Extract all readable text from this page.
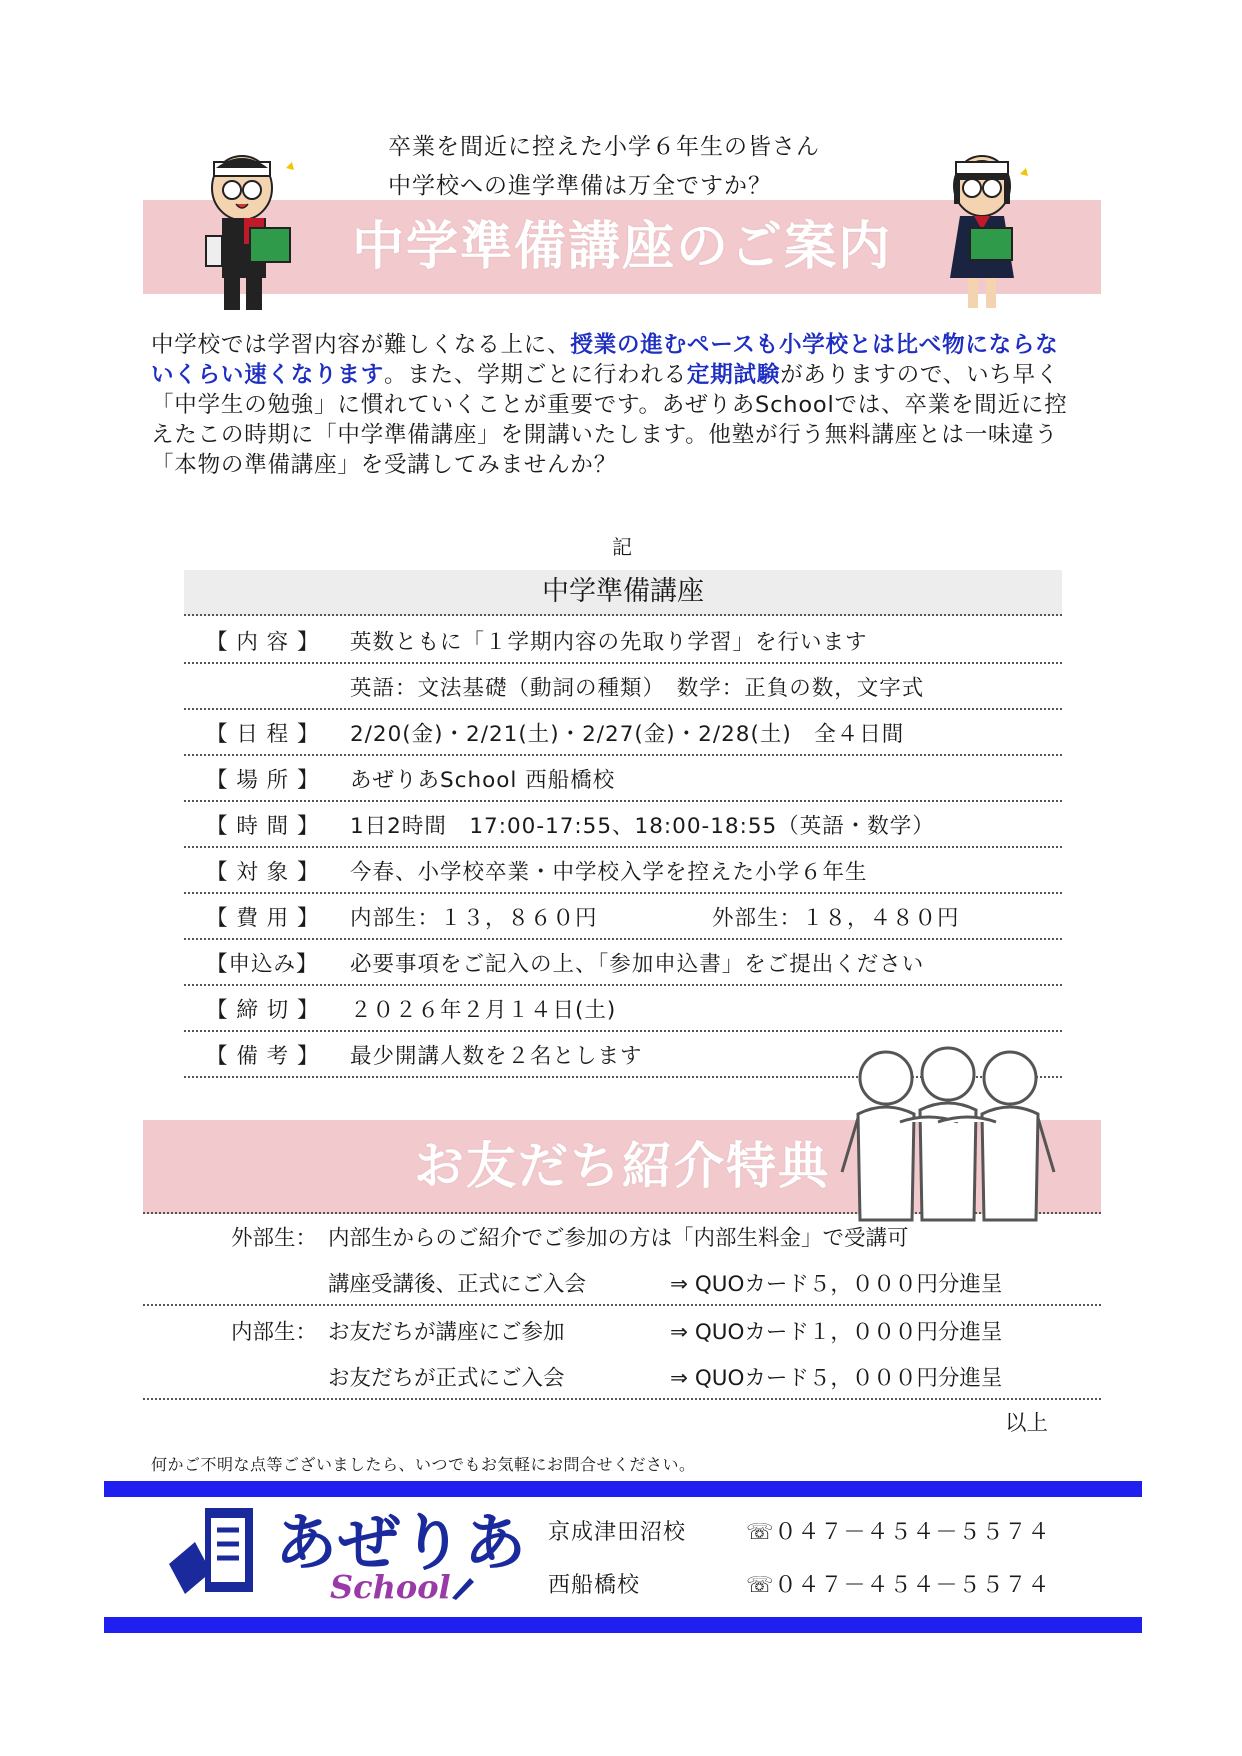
卒業を間近に控えた小学６年生の皆さん
中学校への進学準備は万全ですか？
中学準備講座のご案内
中学校では学習内容が難しくなる上に、授業の進むペースも小学校とは比べ物にならないくらい速くなります。また、学期ごとに行われる定期試験がありますので、いち早く「中学生の勉強」に慣れていくことが重要です。あぜりあSchoolでは、卒業を間近に控えたこの時期に「中学準備講座」を開講いたします。他塾が行う無料講座とは一味違う「本物の準備講座」を受講してみませんか？
記
中学準備講座
【 内 容 】 英数ともに「１学期内容の先取り学習」を行います
英語：文法基礎（動詞の種類）　数学：正負の数，文字式
【 日 程 】 2/20(金)・2/21(土)・2/27(金)・2/28(土)　全４日間
【 場 所 】 あぜりあSchool 西船橋校
【 時 間 】 1日2時間　17:00-17:55、18:00-18:55（英語・数学）
【 対 象 】 今春、小学校卒業・中学校入学を控えた小学６年生
【 費 用 】 内部生：１３，８６０円	外部生：１８，４８０円
【申込み】 必要事項をご記入の上、「参加申込書」をご提出ください
【 締 切 】 ２０２６年２月１４日(土)
【 備 考 】 最少開講人数を２名とします
お友だち紹介特典
外部生： 内部生からのご紹介でご参加の方は「内部生料金」で受講可
講座受講後、正式にご入会	⇒ QUOカード５，０００円分進呈
内部生： お友だちが講座にご参加	⇒ QUOカード１，０００円分進呈
お友だちが正式にご入会	⇒ QUOカード５，０００円分進呈
以上
何かご不明な点等ございましたら、いつでもお気軽にお問合せください。
あぜりあ
School
京成津田沼校	☏０４７－４５４－５５７４
西船橋校	☏０４７－４５４－５５７４
